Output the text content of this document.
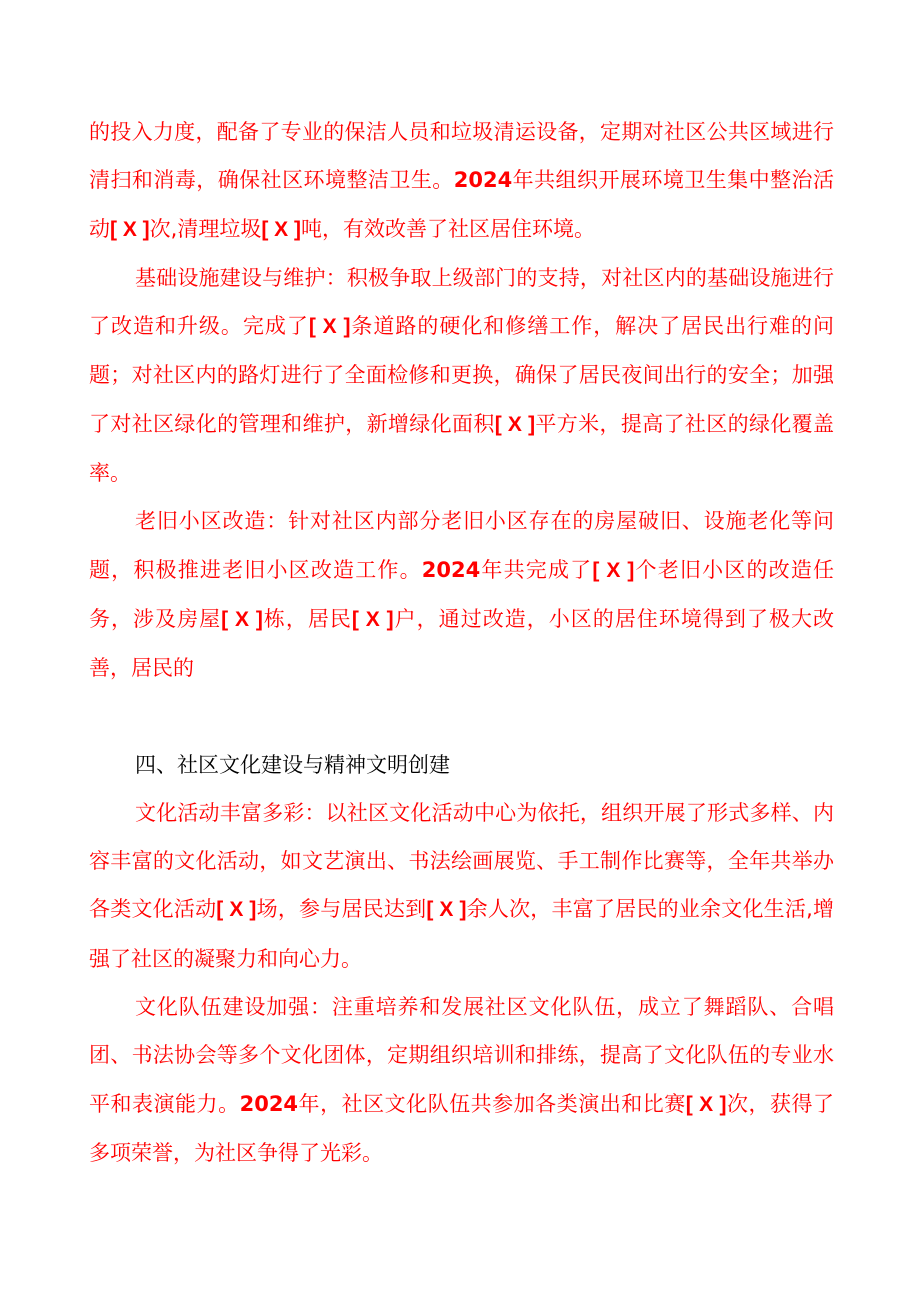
的投入力度，配备了专业的保洁人员和垃圾清运设备，定期对社区公共区域进行清扫和消毒，确保社区环境整洁卫生。2024年共组织开展环境卫生集中整治活动[ X ]次,清理垃圾[ X ]吨，有效改善了社区居住环境。

基础设施建设与维护：积极争取上级部门的支持，对社区内的基础设施进行了改造和升级。完成了[ X ]条道路的硬化和修缮工作，解决了居民出行难的问题；对社区内的路灯进行了全面检修和更换，确保了居民夜间出行的安全；加强了对社区绿化的管理和维护，新增绿化面积[ X ]平方米，提高了社区的绿化覆盖率。

老旧小区改造：针对社区内部分老旧小区存在的房屋破旧、设施老化等问题，积极推进老旧小区改造工作。2024年共完成了[ X ]个老旧小区的改造任务，涉及房屋[ X ]栋，居民[ X ]户，通过改造，小区的居住环境得到了极大改善，居民的

四、社区文化建设与精神文明创建

文化活动丰富多彩：以社区文化活动中心为依托，组织开展了形式多样、内容丰富的文化活动，如文艺演出、书法绘画展览、手工制作比赛等，全年共举办各类文化活动[ X ]场，参与居民达到[ X ]余人次，丰富了居民的业余文化生活,增强了社区的凝聚力和向心力。

文化队伍建设加强：注重培养和发展社区文化队伍，成立了舞蹈队、合唱团、书法协会等多个文化团体，定期组织培训和排练，提高了文化队伍的专业水平和表演能力。2024年，社区文化队伍共参加各类演出和比赛[ X ]次，获得了多项荣誉，为社区争得了光彩。
